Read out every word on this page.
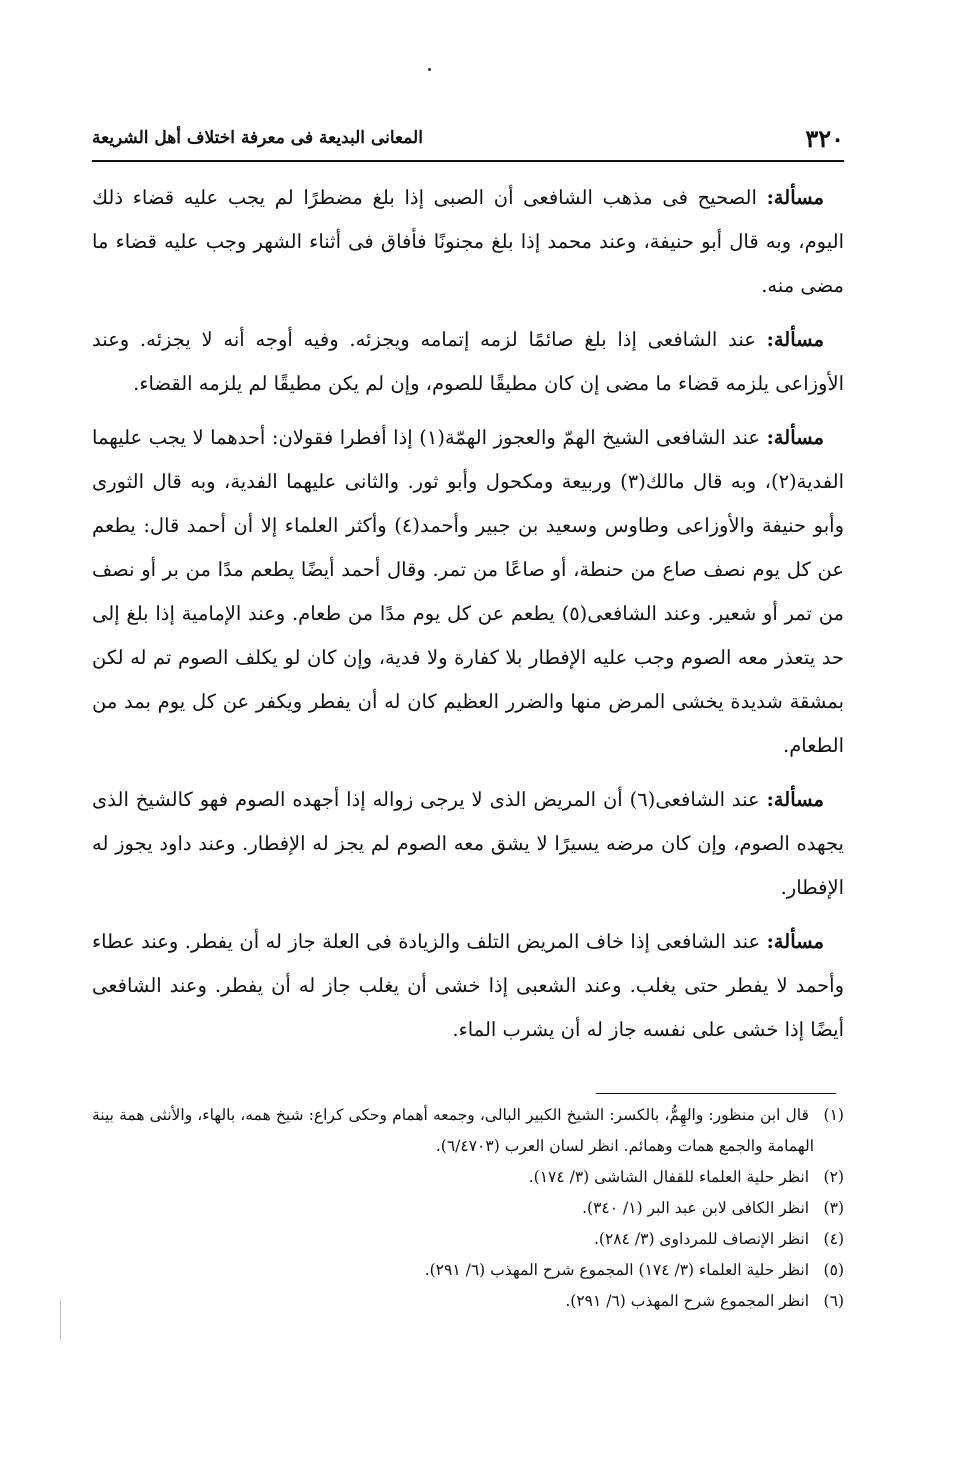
٣٢٠
المعانى البديعة فى معرفة اختلاف أهل الشريعة

مسألة: الصحيح فى مذهب الشافعى أن الصبى إذا بلغ مضطرًا لم يجب عليه قضاء ذلك اليوم، وبه قال أبو حنيفة، وعند محمد إذا بلغ مجنونًا فأفاق فى أثناء الشهر وجب عليه قضاء ما مضى منه.

مسألة: عند الشافعى إذا بلغ صائمًا لزمه إتمامه ويجزئه. وفيه أوجه أنه لا يجزئه. وعند الأوزاعى يلزمه قضاء ما مضى إن كان مطيقًا للصوم، وإن لم يكن مطيقًا لم يلزمه القضاء.

مسألة: عند الشافعى الشيخ الهمّ والعجوز الهمّة(١) إذا أفطرا فقولان: أحدهما لا يجب عليهما الفدية(٢)، وبه قال مالك(٣) وربيعة ومكحول وأبو ثور. والثانى عليهما الفدية، وبه قال الثورى وأبو حنيفة والأوزاعى وطاوس وسعيد بن جبير وأحمد(٤) وأكثر العلماء إلا أن أحمد قال: يطعم عن كل يوم نصف صاع من حنطة، أو صاعًا من تمر. وقال أحمد أيضًا يطعم مدًا من بر أو نصف من تمر أو شعير. وعند الشافعى(٥) يطعم عن كل يوم مدًا من طعام. وعند الإمامية إذا بلغ إلى حد يتعذر معه الصوم وجب عليه الإفطار بلا كفارة ولا فدية، وإن كان لو يكلف الصوم تم له لكن بمشقة شديدة يخشى المرض منها والضرر العظيم كان له أن يفطر ويكفر عن كل يوم بمد من الطعام.

مسألة: عند الشافعى(٦) أن المريض الذى لا يرجى زواله إذا أجهده الصوم فهو كالشيخ الذى يجهده الصوم، وإن كان مرضه يسيرًا لا يشق معه الصوم لم يجز له الإفطار. وعند داود يجوز له الإفطار.

مسألة: عند الشافعى إذا خاف المريض التلف والزيادة فى العلة جاز له أن يفطر. وعند عطاء وأحمد لا يفطر حتى يغلب. وعند الشعبى إذا خشى أن يغلب جاز له أن يفطر. وعند الشافعى أيضًا إذا خشى على نفسه جاز له أن يشرب الماء.

(١) قال ابن منظور: والهِمُّ، بالكسر: الشيخ الكبير البالى، وجمعه أهمام وحكى كراع: شيخ همه، بالهاء، والأنثى همة بينة الهمامة والجمع همات وهمائم. انظر لسان العرب (٦/٤٧٠٣).

(٢) انظر حلية العلماء للقفال الشاشى (٣/ ١٧٤).

(٣) انظر الكافى لابن عبد البر (١/ ٣٤٠).

(٤) انظر الإنصاف للمرداوى (٣/ ٢٨٤).

(٥) انظر حلية العلماء (٣/ ١٧٤) المجموع شرح المهذب (٦/ ٢٩١).

(٦) انظر المجموع شرح المهذب (٦/ ٢٩١).
